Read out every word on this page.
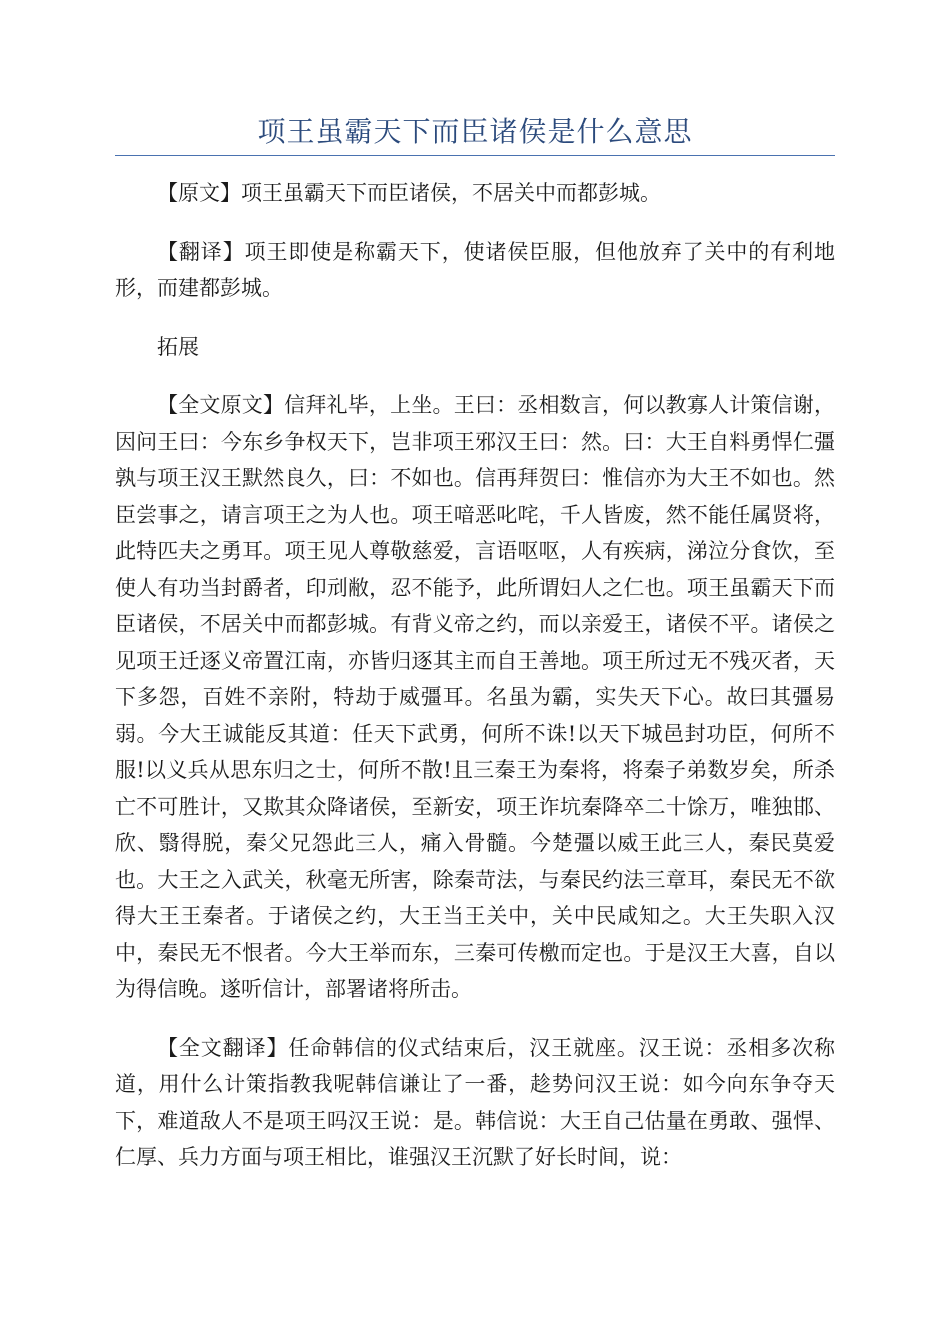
项王虽霸天下而臣诸侯是什么意思

【原文】项王虽霸天下而臣诸侯，不居关中而都彭城。

【翻译】项王即使是称霸天下，使诸侯臣服，但他放弃了关中的有利地形，而建都彭城。

拓展

【全文原文】信拜礼毕，上坐。王曰：丞相数言，何以教寡人计策信谢，因问王曰：今东乡争权天下，岂非项王邪汉王曰：然。曰：大王自料勇悍仁彊孰与项王汉王默然良久，曰：不如也。信再拜贺曰：惟信亦为大王不如也。然臣尝事之，请言项王之为人也。项王喑恶叱咤，千人皆废，然不能任属贤将，此特匹夫之勇耳。项王见人尊敬慈爱，言语呕呕，人有疾病，涕泣分食饮，至使人有功当封爵者，印刓敝，忍不能予，此所谓妇人之仁也。项王虽霸天下而臣诸侯，不居关中而都彭城。有背义帝之约，而以亲爱王，诸侯不平。诸侯之见项王迁逐义帝置江南，亦皆归逐其主而自王善地。项王所过无不残灭者，天下多怨，百姓不亲附，特劫于威彊耳。名虽为霸，实失天下心。故曰其彊易弱。今大王诚能反其道：任天下武勇，何所不诛!以天下城邑封功臣，何所不服!以义兵从思东归之士，何所不散!且三秦王为秦将，将秦子弟数岁矣，所杀亡不可胜计，又欺其众降诸侯，至新安，项王诈坑秦降卒二十馀万，唯独邯、欣、翳得脱，秦父兄怨此三人，痛入骨髓。今楚彊以威王此三人，秦民莫爱也。大王之入武关，秋毫无所害，除秦苛法，与秦民约法三章耳，秦民无不欲得大王王秦者。于诸侯之约，大王当王关中，关中民咸知之。大王失职入汉中，秦民无不恨者。今大王举而东，三秦可传檄而定也。于是汉王大喜，自以为得信晚。遂听信计，部署诸将所击。

【全文翻译】任命韩信的仪式结束后，汉王就座。汉王说：丞相多次称道，用什么计策指教我呢韩信谦让了一番，趁势问汉王说：如今向东争夺天下，难道敌人不是项王吗汉王说：是。韩信说：大王自己估量在勇敢、强悍、仁厚、兵力方面与项王相比，谁强汉王沉默了好长时间，说：
